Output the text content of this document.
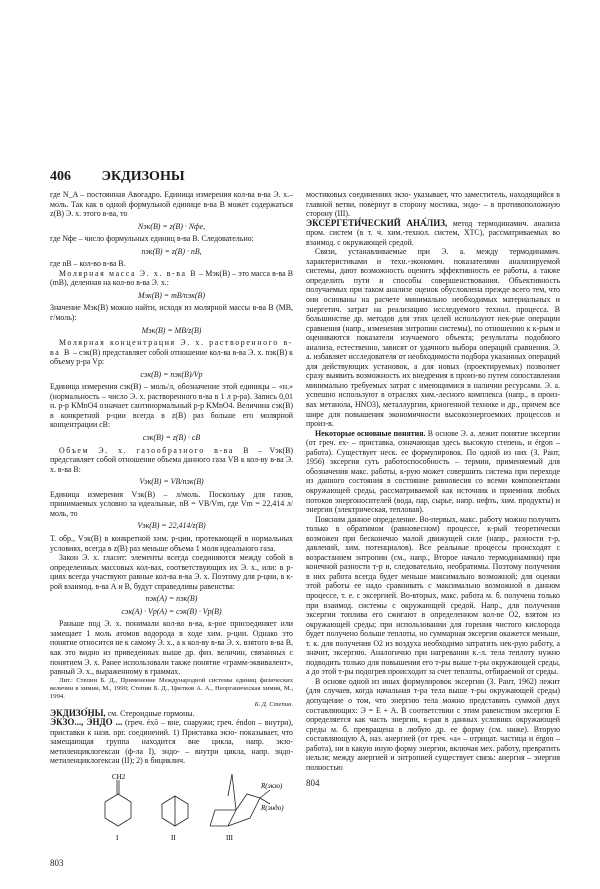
406 ЭКДИЗОНЫ

где N_A – постоянная Авогадро. Единица измерения кол-ва в-ва Э. х.– моль. Так как в одной формульной единице в-ва В может содержаться z(B) Э. х. этого в-ва, то

Nэк(B) = z(B) · Nфе,

где Nфе – число формульных единиц в-ва В. Следовательно:

nэк(B) = z(B) · nB,

где nB – кол-во в-ва В.

Молярная масса Э. х. в-ва В – Mэк(B) – это масса в-ва В (mB), деленная на кол-во в-ва Э. х.:

Mэк(B) = mB/nэк(B)

Значение Mэк(B) можно найти, исходя из молярной массы в-ва В (MB, г/моль):

Mэк(B) = MB/z(B)

Молярная концентрация Э. х. растворенного в-ва В – cэк(B) представляет собой отношение кол-ва в-ва Э. х. nэк(B) к объему р-ра Vp:

cэк(B) = nэк(B)/Vp

Единица измерения cэк(B) – моль/л, обозначение этой единицы – «н.» (нормальность – число Э. х. растворенного в-ва в 1 л р-ра). Запись 0,01 н. р-р KMnO4 означает сантинормальный р-р KMnO4. Величина cэк(B) в конкретной р-ции всегда в z(B) раз больше его молярной концентрации cB:

cэк(B) = z(B) · cB

Объем Э. х. газообразного в-ва В – Vэк(B) представляет собой отношение объема данного газа VB к кол-ву в-ва Э. х. в-ва В:

Vэк(B) = VB/nэк(B)

Единица измерения Vэк(B) – л/моль. Поскольку для газов, принимаемых условно за идеальные, nB = VB/Vm, где Vm = 22,414 л/моль, то

Vэк(B) = 22,414/z(B)

Т. обр., Vэк(B) в конкретной хим. р-ции, протекающей в нормальных условиях, всегда в z(B) раз меньше объема 1 моля идеального газа.

Закон Э. х. гласит: элементы всегда соединяются между собой в определенных массовых кол-вах, соответствующих их Э. х., или: в р-циях всегда участвуют равные кол-ва в-ва Э. х. Поэтому для р-ции, в к-рой взаимод. в-ва А и В, будут справедливы равенства:

nэк(A) = nэк(B)

cэк(A) · Vp(A) = cэк(B) · Vp(B)

Раньше под Э. х. понимали кол-во в-ва, к-рое присоединяет или замещает 1 моль атомов водорода в ходе хим. р-ции. Однако это понятие относится не к самому Э. х., а к кол-ву в-ва Э. х. взятого в-ва В, как это видно из приведенных выше др. физ. величин, связанных с понятием Э. х. Ранее использовали также понятие «грамм-эквивалент», равный Э. х., выраженному в граммах.

Лит.: Степин Б. Д., Применение Международной системы единиц физических величин в химии, М., 1990; Степин Б. Д., Цветков А. А., Неорганическая химия, М., 1994.
Б. Д. Степин.

ЭКДИЗО́НЫ, см. Стероидные гормоны.

Э́КЗО..., Э́НДО ... (греч. éxō – вне, снаружи; греч. éndon – внутри), приставки к назв. орг. соединений. 1) Приставка экзо- показывает, что замещающая группа находится вне цикла, напр. экзо-метиленциклогексан (ф-ла I), эндо- – внутри цикла, напр. эндо-метиленциклогексан (II); 2) в бициклич.

CH2
I	II
R(экзо)
R(эндо)
III
803

мостиковых соединениях экзо- указывает, что заместитель, находящийся в главной ветви, повернут в сторону мостика, эндо- – в противоположную сторону (III).

ЭКСЕРГЕТИ́ЧЕСКИЙ АНА́ЛИЗ, метод термодинамич. анализа пром. систем (в т. ч. хим.-технол. систем, ХТС), рассматриваемых во взаимод. с окружающей средой.

Связи, устанавливаемые при Э. а. между термодинамич. характеристиками и техн.-экономич. показателями анализируемой системы, дают возможность оценить эффективность ее работы, а также определить пути и способы совершенствования. Объективность получаемых при таком анализе оценок обусловлена прежде всего тем, что они основаны на расчете минимально необходимых материальных и энергетич. затрат на реализацию исследуемого технол. процесса. В большинстве др. методов для этих целей используют нек-рые операции сравнения (напр., изменения энтропии системы), по отношению к к-рым и оцениваются показатели изучаемого объекта; результаты подобного анализа, естественно, зависят от удачного выбора операций сравнения. Э. а. избавляет исследователя от необходимости подбора указанных операций для действующих установок, а для новых (проектируемых) позволяет сразу выявить возможность их внедрения в произ-во путем сопоставления минимально требуемых затрат с имеющимися в наличии ресурсами. Э. а. успешно используют в отраслях хим.-лесного комплекса (напр., в произ-вах метанола, HNO3), металлургии, криогенной технике и др., причем все шире для повышения экономичности высокоэнергоемких процессов и произ-в.

Некоторые основные понятия. В основе Э. а. лежит понятие эксергии (от греч. ex- – приставка, означающая здесь высокую степень, и érgon – работа). Существует неск. ее формулировок. По одной из них (З. Рант, 1956) эксергия суть работоспособность – термин, применяемый для обозначения макс. работы, к-рую может совершить система при переходе из данного состояния в состояние равновесия со всеми компонентами окружающей среды, рассматриваемой как источник и приемник любых потоков энергоносителей (вода, пар, сырье, напр. нефть, хим. продукты) и энергии (электрическая, тепловая).

Поясним данное определение. Во-первых, макс. работу можно получить только в обратимом (равновесном) процессе, к-рый теоретически возможен при бесконечно малой движущей силе (напр., разности т-р, давлений, хим. потенциалов). Все реальные процессы происходят с возрастанием энтропии (см., напр., Второе начало термодинамики) при конечной разности т-р и, следовательно, необратимы. Поэтому получения в них работа всегда будет меньше максимально возможной; для оценки этой работы ее надо сравнивать с максимально возможной в данном процессе, т. е. с эксергией. Во-вторых, макс. работа м. б. получена только при взаимод. системы с окружающей средой. Напр., для получения эксергии топлива его сжигают в определенном кол-ве O2, взятом из окружающей среды; при использовании для горения чистого кислорода будет получено больше теплоты, но суммарная эксергия окажется меньше, т. к. для получения O2 из воздуха необходимо затратить нек-рую работу, а значит, эксергию. Аналогично при нагревании к.-л. тела теплоту нужно подводить только для повышения его т-ры выше т-ры окружающей среды, а до этой т-ры подогрев происходит за счет теплоты, отбираемой от среды.

В основе одной из иных формулировок эксергии (З. Рант, 1962) лежит (для случаев, когда начальная т-ра тела выше т-ры окружающей среды) допущение о том, что энергию тела можно представить суммой двух составляющих: Э = E + A. В соответствии с этим равенством эксергия E определяется как часть энергии, к-рая в данных условиях окружающей среды м. б. превращена в любую др. ее форму (см. ниже). Вторую составляющую A, наз. анергией (от греч. «а» – отрицат. частица и érgon – работа), ни в какую иную форму энергии, включая мех. работу, превратить нельзя; между анергией и энтропией существует связь: анергия – энергия полностью

804
